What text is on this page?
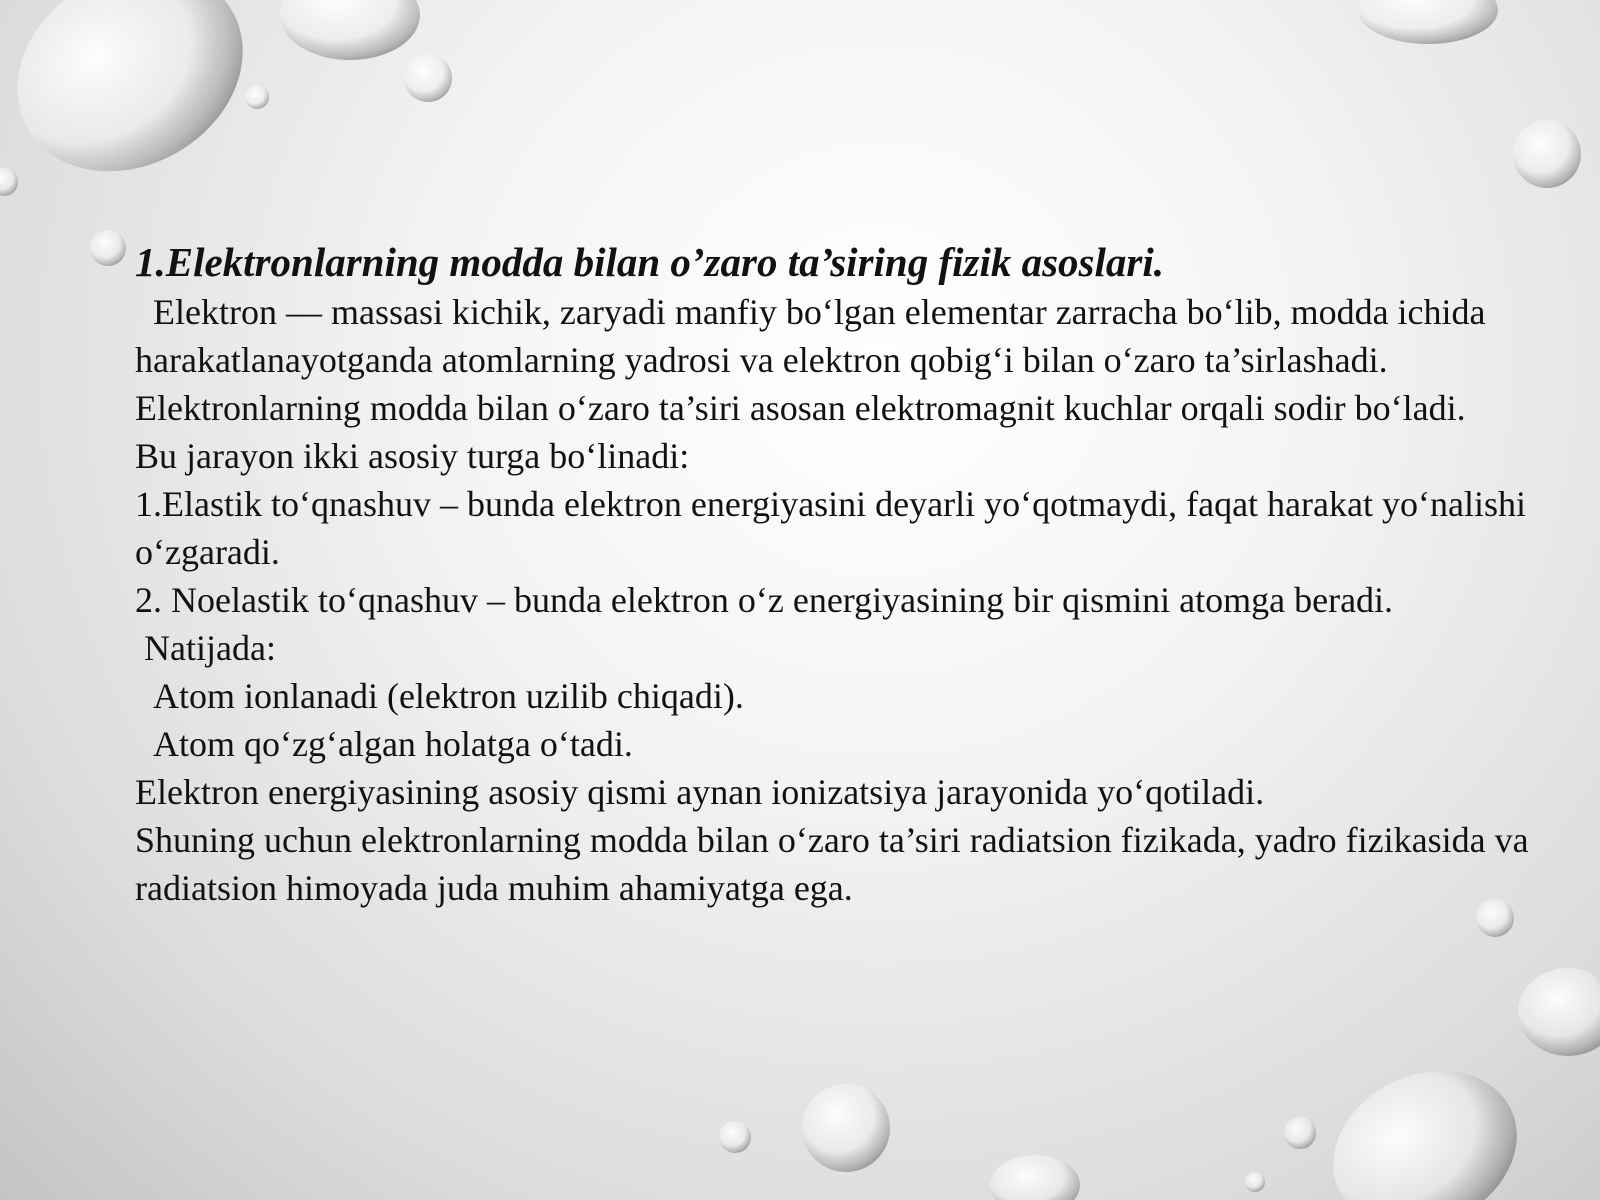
1.Elektronlarning modda bilan o’zaro ta’siring fizik asoslari.

Elektron — massasi kichik, zaryadi manfiy bo‘lgan elementar zarracha bo‘lib, modda ichida harakatlanayotganda atomlarning yadrosi va elektron qobig‘i bilan o‘zaro ta’sirlashadi.

Elektronlarning modda bilan o‘zaro ta’siri asosan elektromagnit kuchlar orqali sodir bo‘ladi.

Bu jarayon ikki asosiy turga bo‘linadi:

1.Elastik to‘qnashuv – bunda elektron energiyasini deyarli yo‘qotmaydi, faqat harakat yo‘nalishi o‘zgaradi.

2. Noelastik to‘qnashuv – bunda elektron o‘z energiyasining bir qismini atomga beradi.

Natijada:

Atom ionlanadi (elektron uzilib chiqadi).

Atom qo‘zg‘algan holatga o‘tadi.

Elektron energiyasining asosiy qismi aynan ionizatsiya jarayonida yo‘qotiladi.

Shuning uchun elektronlarning modda bilan o‘zaro ta’siri radiatsion fizikada, yadro fizikasida va radiatsion himoyada juda muhim ahamiyatga ega.
